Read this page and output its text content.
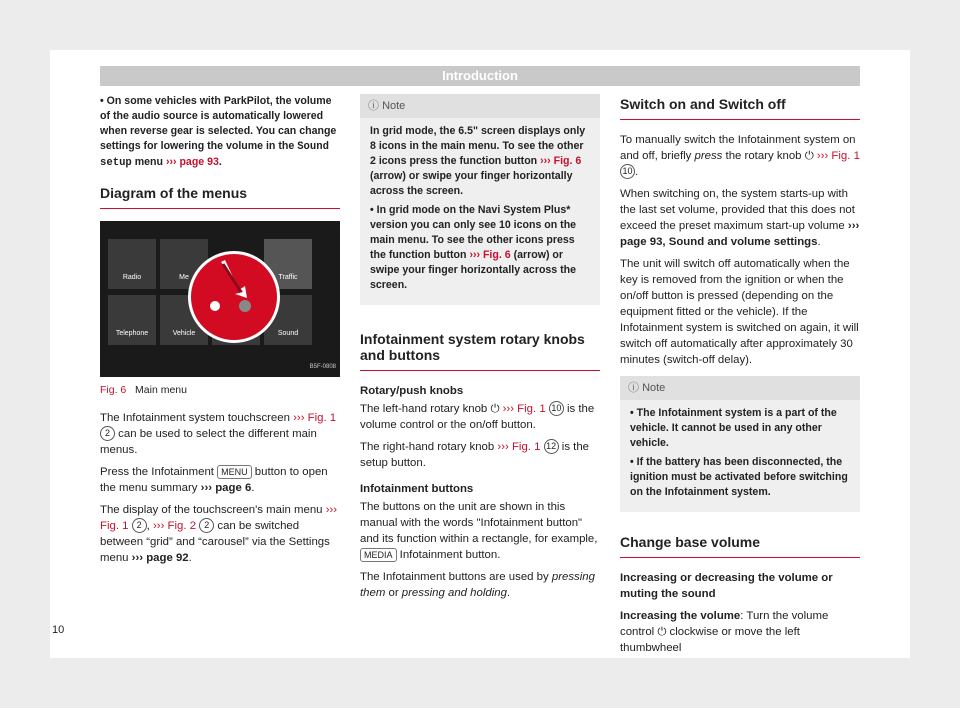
Introduction

• On some vehicles with ParkPilot, the volume of the audio source is automatically lowered when reverse gear is selected. You can change settings for lowering the volume in the Sound setup menu ››› page 93.

Diagram of the menus
Radio	Me	Traffic
Telephone	Vehicle	Sound
B5F-0808
Fig. 6 Main menu

The Infotainment system touchscreen ››› Fig. 1 2 can be used to select the different main menus.

Press the Infotainment MENU button to open the menu summary ››› page 6.

The display of the touchscreen's main menu ››› Fig. 1 2 , ››› Fig. 2 2 can be switched between “grid” and “carousel” via the Settings menu ››› page 92.

ⓘ Note

In grid mode, the 6.5" screen displays only 8 icons in the main menu. To see the other 2 icons press the function button ››› Fig. 6 (arrow) or swipe your finger horizontally across the screen.

• In grid mode on the Navi System Plus* version you can only see 10 icons on the main menu. To see the other icons press the function button ››› Fig. 6 (arrow) or swipe your finger horizontally across the screen.

Infotainment system rotary knobs and buttons

Rotary/push knobs

The left-hand rotary knob ⏻ ››› Fig. 1 10 is the volume control or the on/off button.

The right-hand rotary knob ››› Fig. 1 12 is the setup button.

Infotainment buttons

The buttons on the unit are shown in this manual with the words "Infotainment button" and its function within a rectangle, for example, MEDIA Infotainment button.

The Infotainment buttons are used by pressing them or pressing and holding.

Switch on and Switch off

To manually switch the Infotainment system on and off, briefly press the rotary knob ⏻ ››› Fig. 1 10 .

When switching on, the system starts-up with the last set volume, provided that this does not exceed the preset maximum start-up volume ››› page 93, Sound and volume settings.

The unit will switch off automatically when the key is removed from the ignition or when the on/off button is pressed (depending on the equipment fitted or the vehicle). If the Infotainment system is switched on again, it will switch off automatically after approximately 30 minutes (switch-off delay).

ⓘ Note

• The Infotainment system is a part of the vehicle. It cannot be used in any other vehicle.

• If the battery has been disconnected, the ignition must be activated before switching on the Infotainment system.

Change base volume

Increasing or decreasing the volume or muting the sound

Increasing the volume: Turn the volume control ⏻ clockwise or move the left thumbwheel

10
